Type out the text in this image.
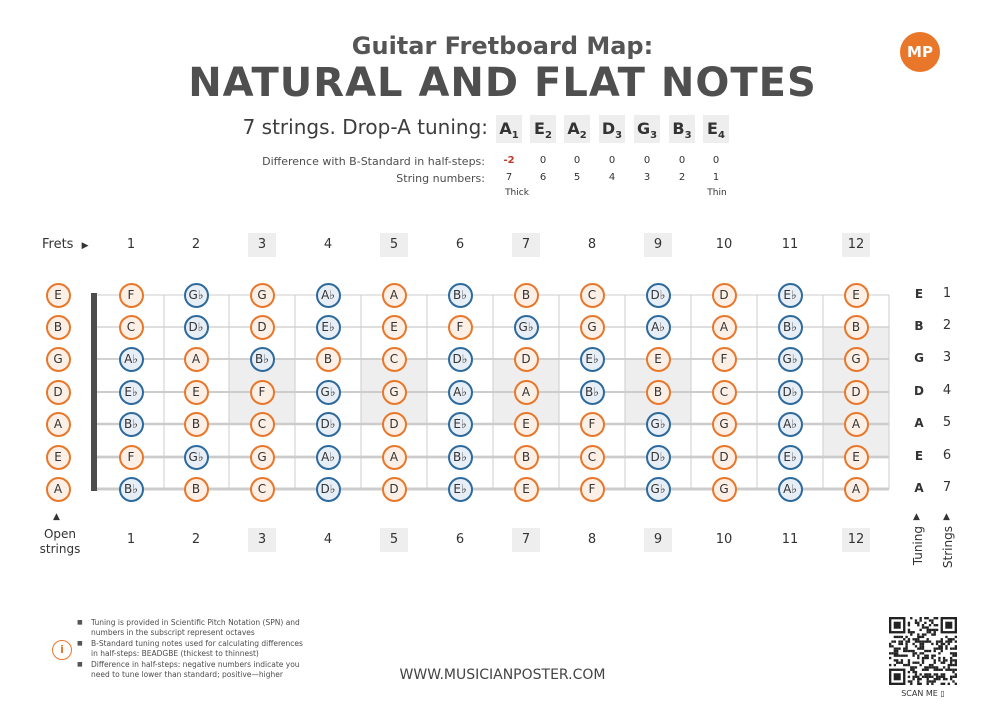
Guitar Fretboard Map:
NATURAL AND FLAT NOTES
MP
7 strings. Drop-A tuning: $A_1$ $E_2$ $A_2$ $D_3$ $G_3$ $B_3$ $E_4$
Difference with B-Standard in half-steps:
String numbers:
-2	0	0	0	0	0	0
7	6	5	4	3	2	1
Thick	Thin
Frets ▶	1	2	3	4	5	6	7	8	9	10	11	12
1	2	3	4	5	6	7	8	9	10	11	12
E
B
G
D
A
E
A
F	G♭	G	A♭	A	B♭	B	C	D♭	D	E♭	E
C	D♭	D	E♭	E	F	G♭	G	A♭	A	B♭	B
A♭	A	B♭	B	C	D♭	D	E♭	E	F	G♭	G
E♭	E	F	G♭	G	A♭	A	B♭	B	C	D♭	D
B♭	B	C	D♭	D	E♭	E	F	G♭	G	A♭	A
F	G♭	G	A♭	A	B♭	B	C	D♭	D	E♭	E
B♭	B	C	D♭	D	E♭	E	F	G♭	G	A♭	A
E	1
B	2
G	3
D	4
A	5
E	6
A	7
▲
Open
strings
▲
Tuning
▲
Strings
i
■ Tuning is provided in Scientific Pitch Notation (SPN) and numbers in the subscript represent octaves
■ B-Standard tuning notes used for calculating differences in half-steps: BEADGBE (thickest to thinnest)
■ Difference in half-steps: negative numbers indicate you need to tune lower than standard; positive—higher	WWW.MUSICIANPOSTER.COM
SCAN ME ▯
